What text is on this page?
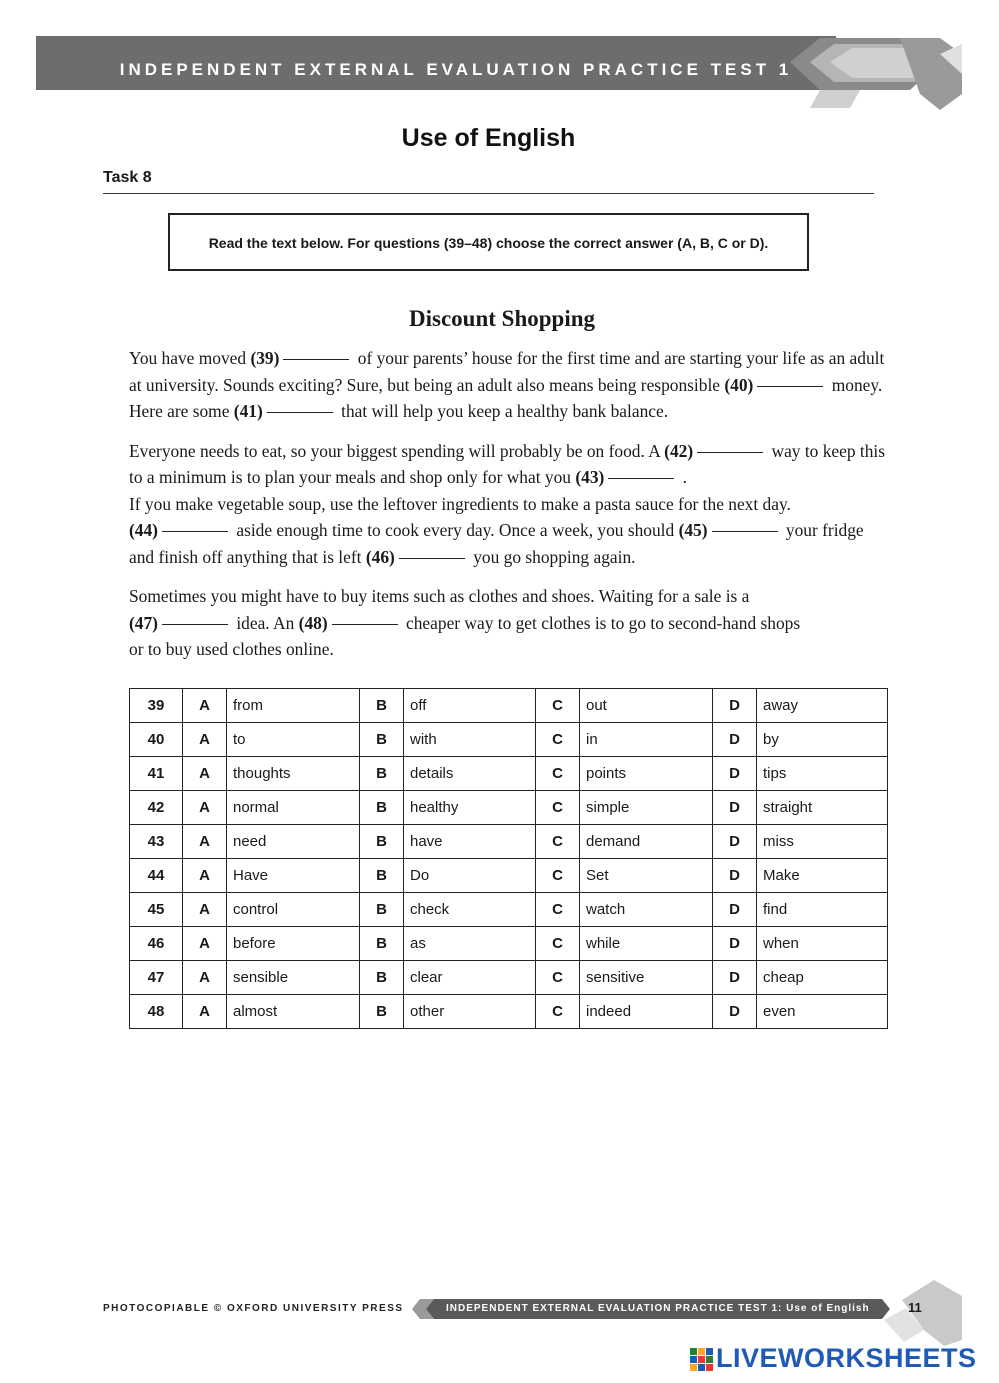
INDEPENDENT EXTERNAL EVALUATION PRACTICE TEST 1
Use of English
Task 8
Read the text below. For questions (39–48) choose the correct answer (A, B, C or D).
Discount Shopping

You have moved (39)	of your parents’ house for the first time and are starting your life as an adult at university. Sounds exciting? Sure, but being an adult also means being responsible (40)	money. Here are some (41)	that will help you keep a healthy bank balance.

Everyone needs to eat, so your biggest spending will probably be on food. A (42)	way to keep this to a minimum is to plan your meals and shop only for what you (43)	.
If you make vegetable soup, use the leftover ingredients to make a pasta sauce for the next day.
(44)	aside enough time to cook every day. Once a week, you should (45)	your fridge and finish off anything that is left (46)	you go shopping again.

Sometimes you might have to buy items such as clothes and shoes. Waiting for a sale is a
(47)	idea. An (48)	cheaper way to get clothes is to go to second-hand shops
or to buy used clothes online.

39	A	from	B	off	C	out	D	away
40	A	to	B	with	C	in	D	by
41	A	thoughts	B	details	C	points	D	tips
42	A	normal	B	healthy	C	simple	D	straight
43	A	need	B	have	C	demand	D	miss
44	A	Have	B	Do	C	Set	D	Make
45	A	control	B	check	C	watch	D	find
46	A	before	B	as	C	while	D	when
47	A	sensible	B	clear	C	sensitive	D	cheap
48	A	almost	B	other	C	indeed	D	even
PHOTOCOPIABLE © OXFORD UNIVERSITY PRESS	INDEPENDENT EXTERNAL EVALUATION PRACTICE TEST 1: Use of English	11
LIVEWORKSHEETS
